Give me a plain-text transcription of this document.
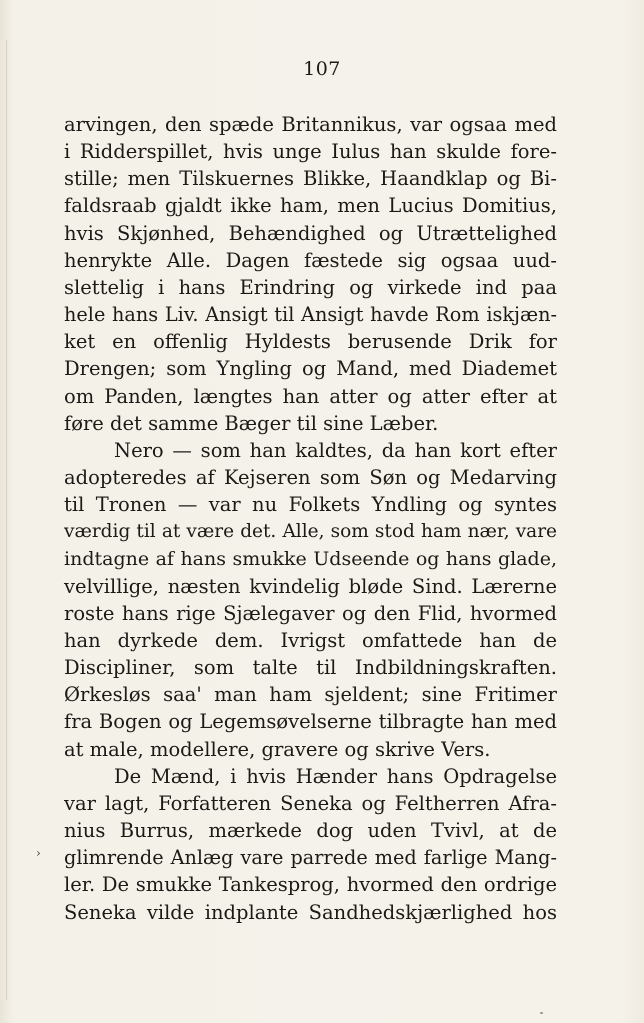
107
›
arvingen, den spæde Britannikus, var ogsaa med
i Ridderspillet, hvis unge Iulus han skulde fore-
stille; men Tilskuernes Blikke, Haandklap og Bi-
faldsraab gjaldt ikke ham, men Lucius Domitius,
hvis Skjønhed, Behændighed og Utrættelighed
henrykte Alle. Dagen fæstede sig ogsaa uud-
slettelig i hans Erindring og virkede ind paa
hele hans Liv. Ansigt til Ansigt havde Rom iskjæn-
ket en offenlig Hyldests berusende Drik for
Drengen; som Yngling og Mand, med Diademet
om Panden, længtes han atter og atter efter at
føre det samme Bæger til sine Læber.
Nero — som han kaldtes, da han kort efter
adopteredes af Kejseren som Søn og Medarving
til Tronen — var nu Folkets Yndling og syntes
værdig til at være det. Alle, som stod ham nær, vare
indtagne af hans smukke Udseende og hans glade,
velvillige, næsten kvindelig bløde Sind. Lærerne
roste hans rige Sjælegaver og den Flid, hvormed
han dyrkede dem. Ivrigst omfattede han de
Discipliner, som talte til Indbildningskraften.
Ørkesløs saa' man ham sjeldent; sine Fritimer
fra Bogen og Legemsøvelserne tilbragte han med
at male, modellere, gravere og skrive Vers.
De Mænd, i hvis Hænder hans Opdragelse
var lagt, Forfatteren Seneka og Feltherren Afra-
nius Burrus, mærkede dog uden Tvivl, at de
glimrende Anlæg vare parrede med farlige Mang-
ler. De smukke Tankesprog, hvormed den ordrige
Seneka vilde indplante Sandhedskjærlighed hos
